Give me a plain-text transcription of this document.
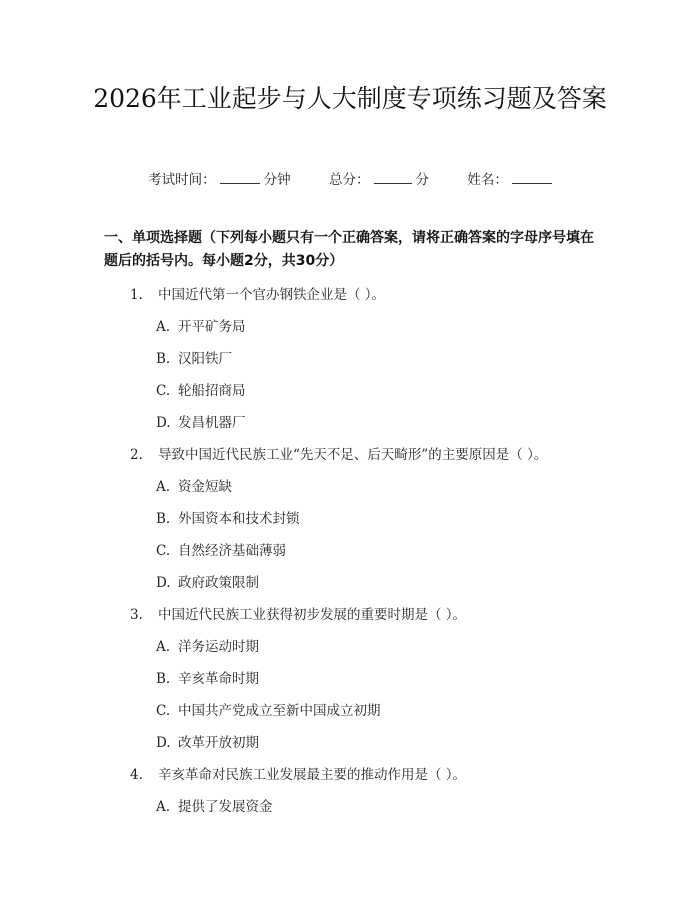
2026年工业起步与人大制度专项练习题及答案
考试时间：	分钟	总分：	分	姓名：
一、单项选择题（下列每小题只有一个正确答案，请将正确答案的字母序号填在题后的括号内。每小题2分，共30分）
1. 中国近代第一个官办钢铁企业是（ ）。
A. 开平矿务局
B. 汉阳铁厂
C. 轮船招商局
D. 发昌机器厂
2. 导致中国近代民族工业“先天不足、后天畸形”的主要原因是（ ）。
A. 资金短缺
B. 外国资本和技术封锁
C. 自然经济基础薄弱
D. 政府政策限制
3. 中国近代民族工业获得初步发展的重要时期是（ ）。
A. 洋务运动时期
B. 辛亥革命时期
C. 中国共产党成立至新中国成立初期
D. 改革开放初期
4. 辛亥革命对民族工业发展最主要的推动作用是（ ）。
A. 提供了发展资金
